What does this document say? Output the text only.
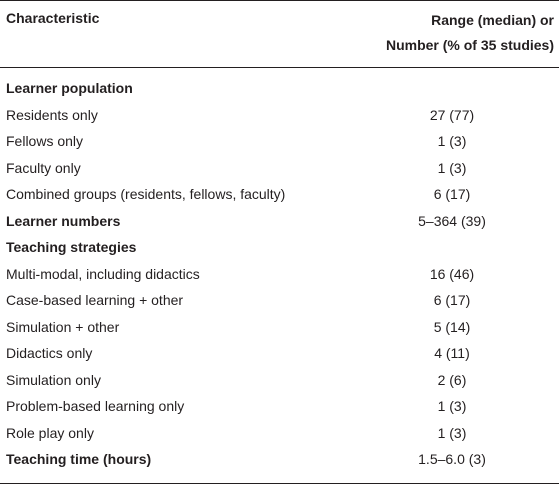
Characteristic	Range (median) or
Number (% of 35 studies)
Learner population
Residents only	27 (77)
Fellows only	1 (3)
Faculty only	1 (3)
Combined groups (residents, fellows, faculty)	6 (17)
Learner numbers	5–364 (39)
Teaching strategies
Multi-modal, including didactics	16 (46)
Case-based learning + other	6 (17)
Simulation + other	5 (14)
Didactics only	4 (11)
Simulation only	2 (6)
Problem-based learning only	1 (3)
Role play only	1 (3)
Teaching time (hours)	1.5–6.0 (3)
